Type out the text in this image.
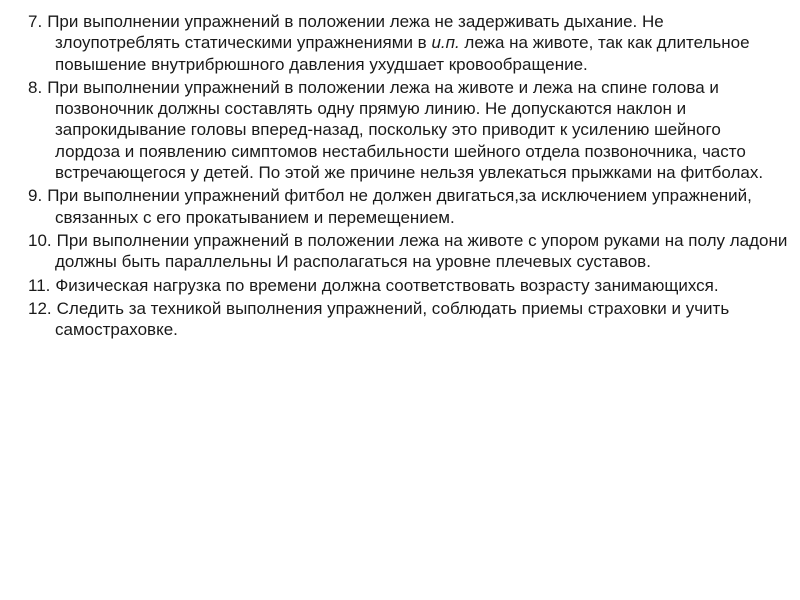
7. При выполнении упражнений в положении лежа не задерживать дыхание. Не злоупотреблять статическими упражнениями в и.п. лежа на животе, так как длительное повышение внутрибрюшного давления ухудшает кровообращение.
8. При выполнении упражнений в положении лежа на животе и лежа на спине голова и позвоночник должны составлять одну прямую линию. Не допускаются наклон и запрокидывание головы вперед-назад, поскольку это приводит к усилению шейного лордоза и появлению симптомов нестабильности шейного отдела позвоночника, часто встречающегося у детей. По этой же причине нельзя увлекаться прыжками на фитболах.
9. При выполнении упражнений фитбол не должен двигаться,за исключением упражнений, связанных с его прокатыванием и перемещением.
10. При выполнении упражнений в положении лежа на животе с упором руками на полу ладони должны быть параллельны И располагаться на уровне плечевых суставов.
11. Физическая нагрузка по времени должна соответствовать возрасту занимающихся.
12. Следить за техникой выполнения упражнений, соблюдать приемы страховки и учить самостраховке.
